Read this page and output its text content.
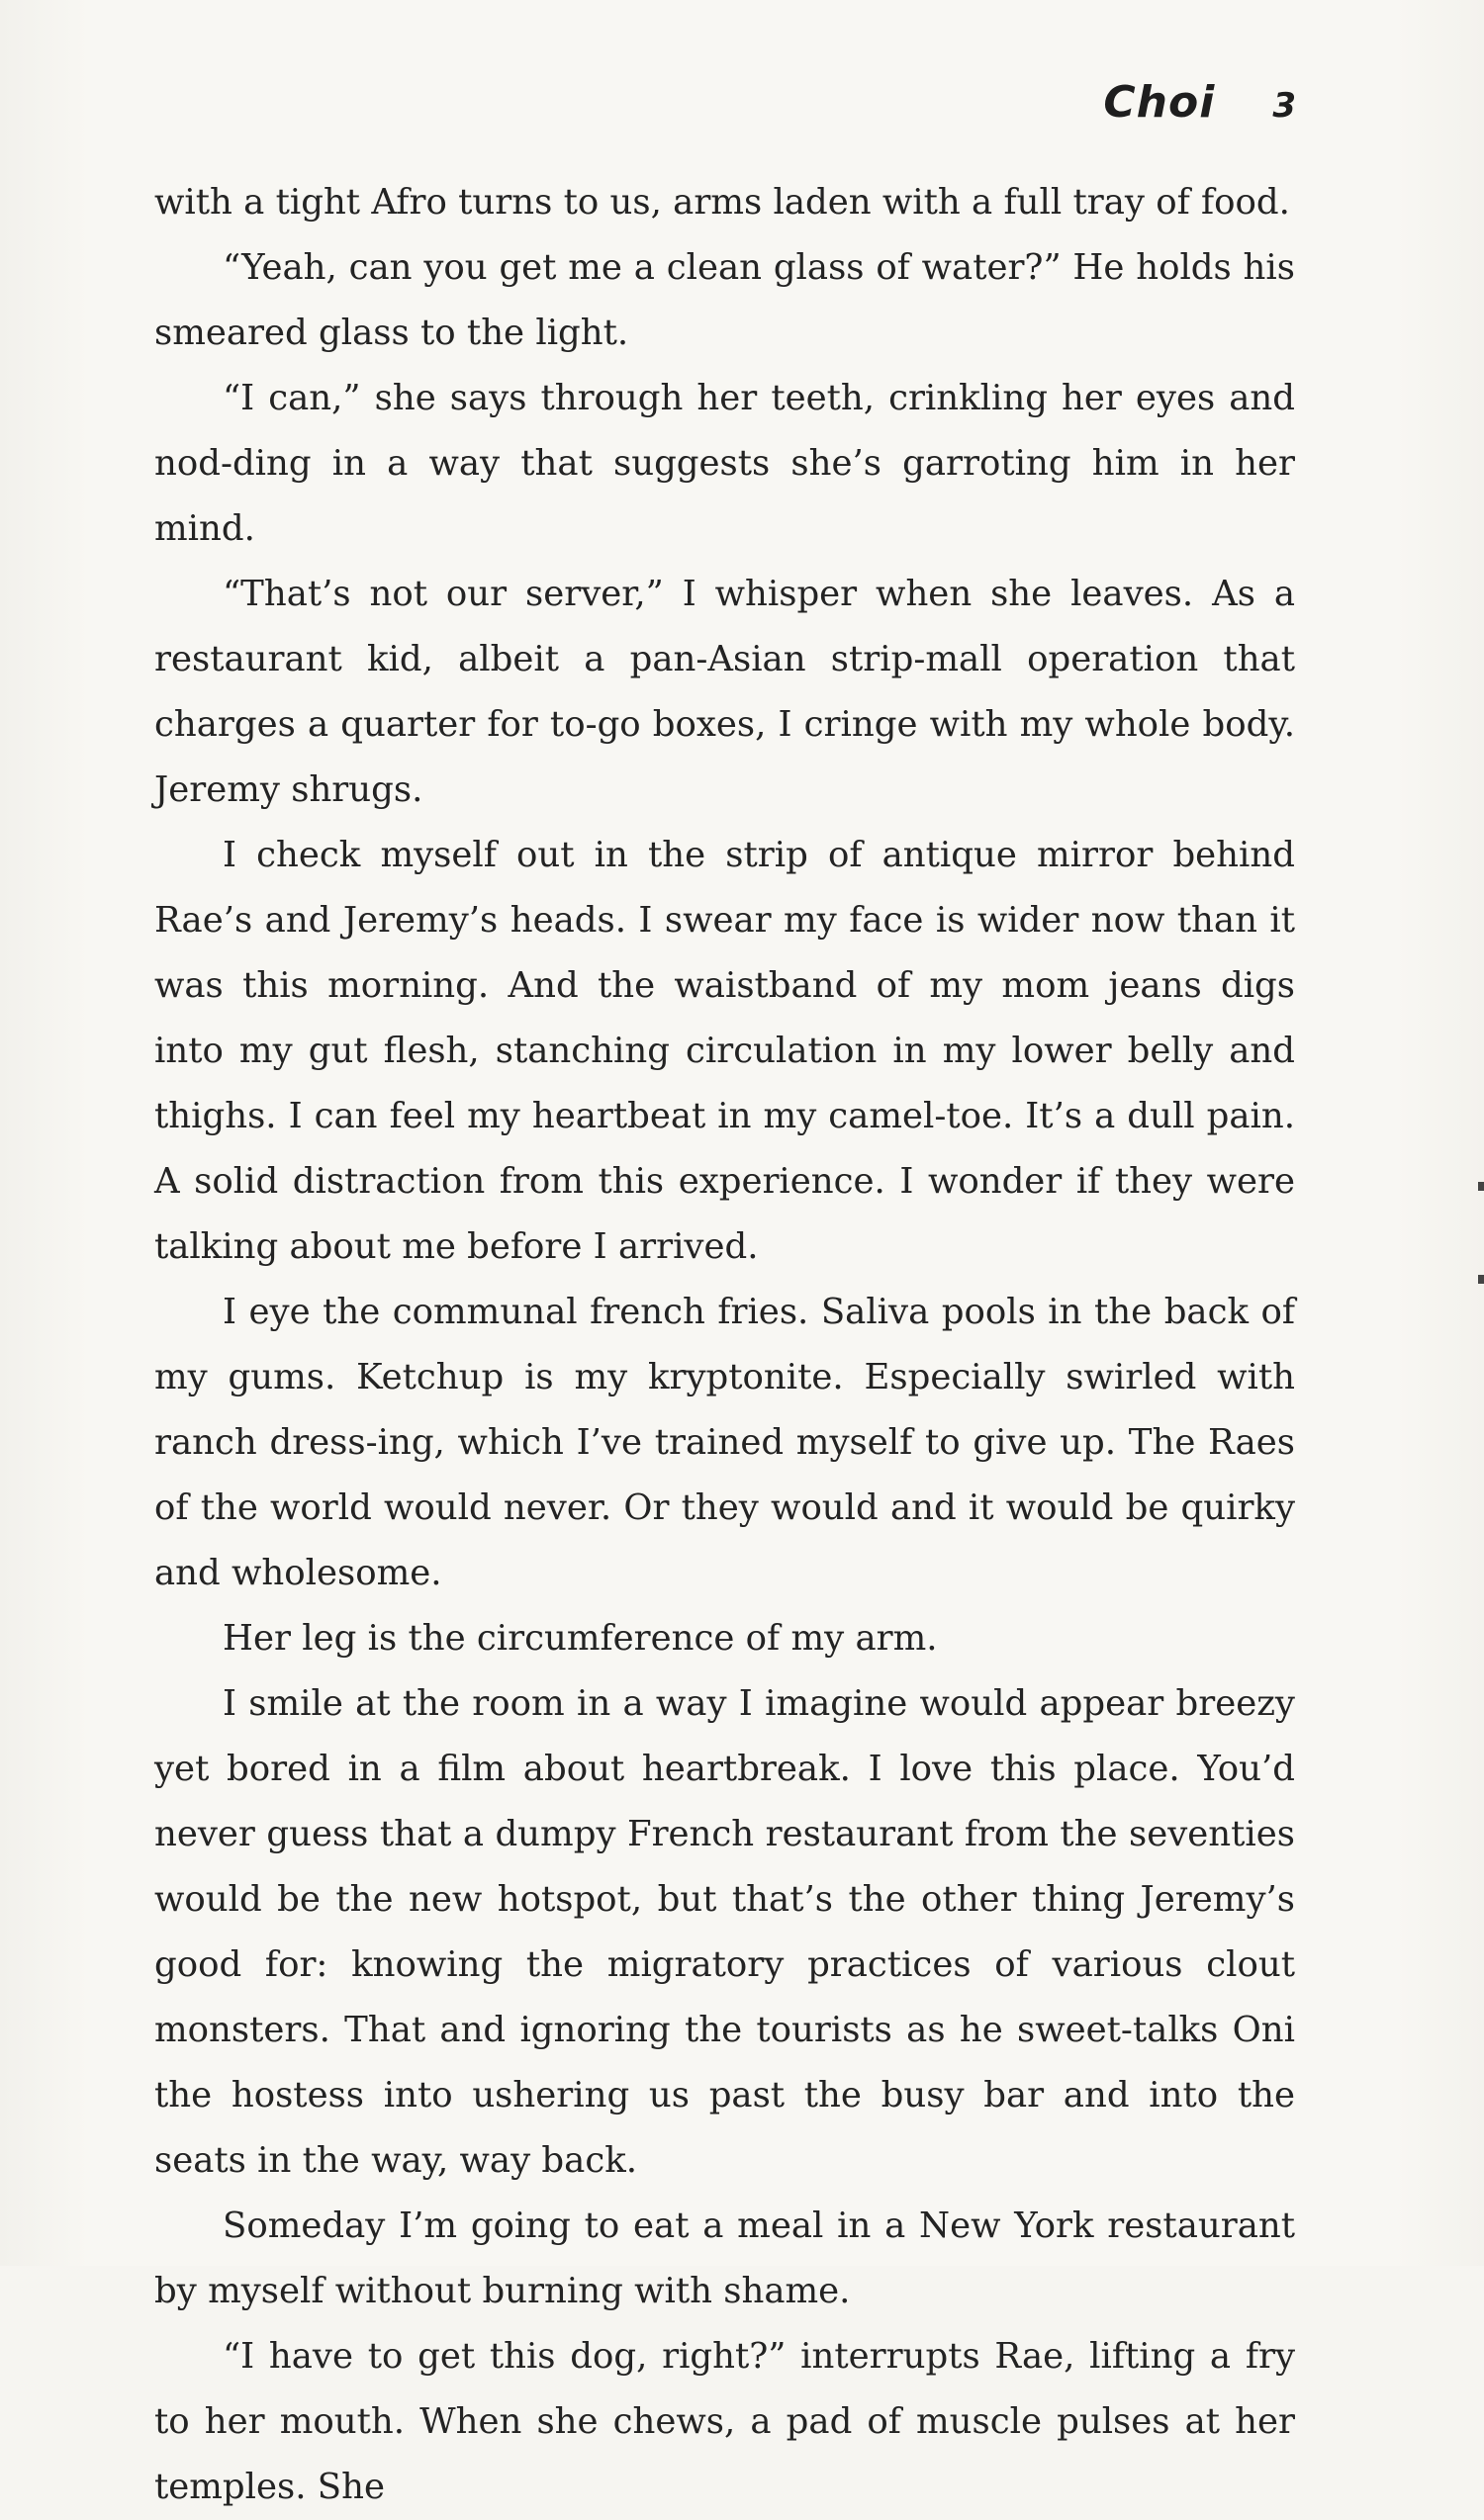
Choi 3

with a tight Afro turns to us, arms laden with a full tray of food.

“Yeah, can you get me a clean glass of water?” He holds his smeared glass to the light.

“I can,” she says through her teeth, crinkling her eyes and nod-ding in a way that suggests she’s garroting him in her mind.

“That’s not our server,” I whisper when she leaves. As a restaurant kid, albeit a pan-Asian strip-mall operation that charges a quarter for to-go boxes, I cringe with my whole body. Jeremy shrugs.

I check myself out in the strip of antique mirror behind Rae’s and Jeremy’s heads. I swear my face is wider now than it was this morning. And the waistband of my mom jeans digs into my gut flesh, stanching circulation in my lower belly and thighs. I can feel my heartbeat in my camel-toe. It’s a dull pain. A solid distraction from this experience. I wonder if they were talking about me before I arrived.

I eye the communal french fries. Saliva pools in the back of my gums. Ketchup is my kryptonite. Especially swirled with ranch dress-ing, which I’ve trained myself to give up. The Raes of the world would never. Or they would and it would be quirky and wholesome.

Her leg is the circumference of my arm.

I smile at the room in a way I imagine would appear breezy yet bored in a film about heartbreak. I love this place. You’d never guess that a dumpy French restaurant from the seventies would be the new hotspot, but that’s the other thing Jeremy’s good for: knowing the migratory practices of various clout monsters. That and ignoring the tourists as he sweet-talks Oni the hostess into ushering us past the busy bar and into the seats in the way, way back.

Someday I’m going to eat a meal in a New York restaurant by myself without burning with shame.

“I have to get this dog, right?” interrupts Rae, lifting a fry to her mouth. When she chews, a pad of muscle pulses at her temples. She
